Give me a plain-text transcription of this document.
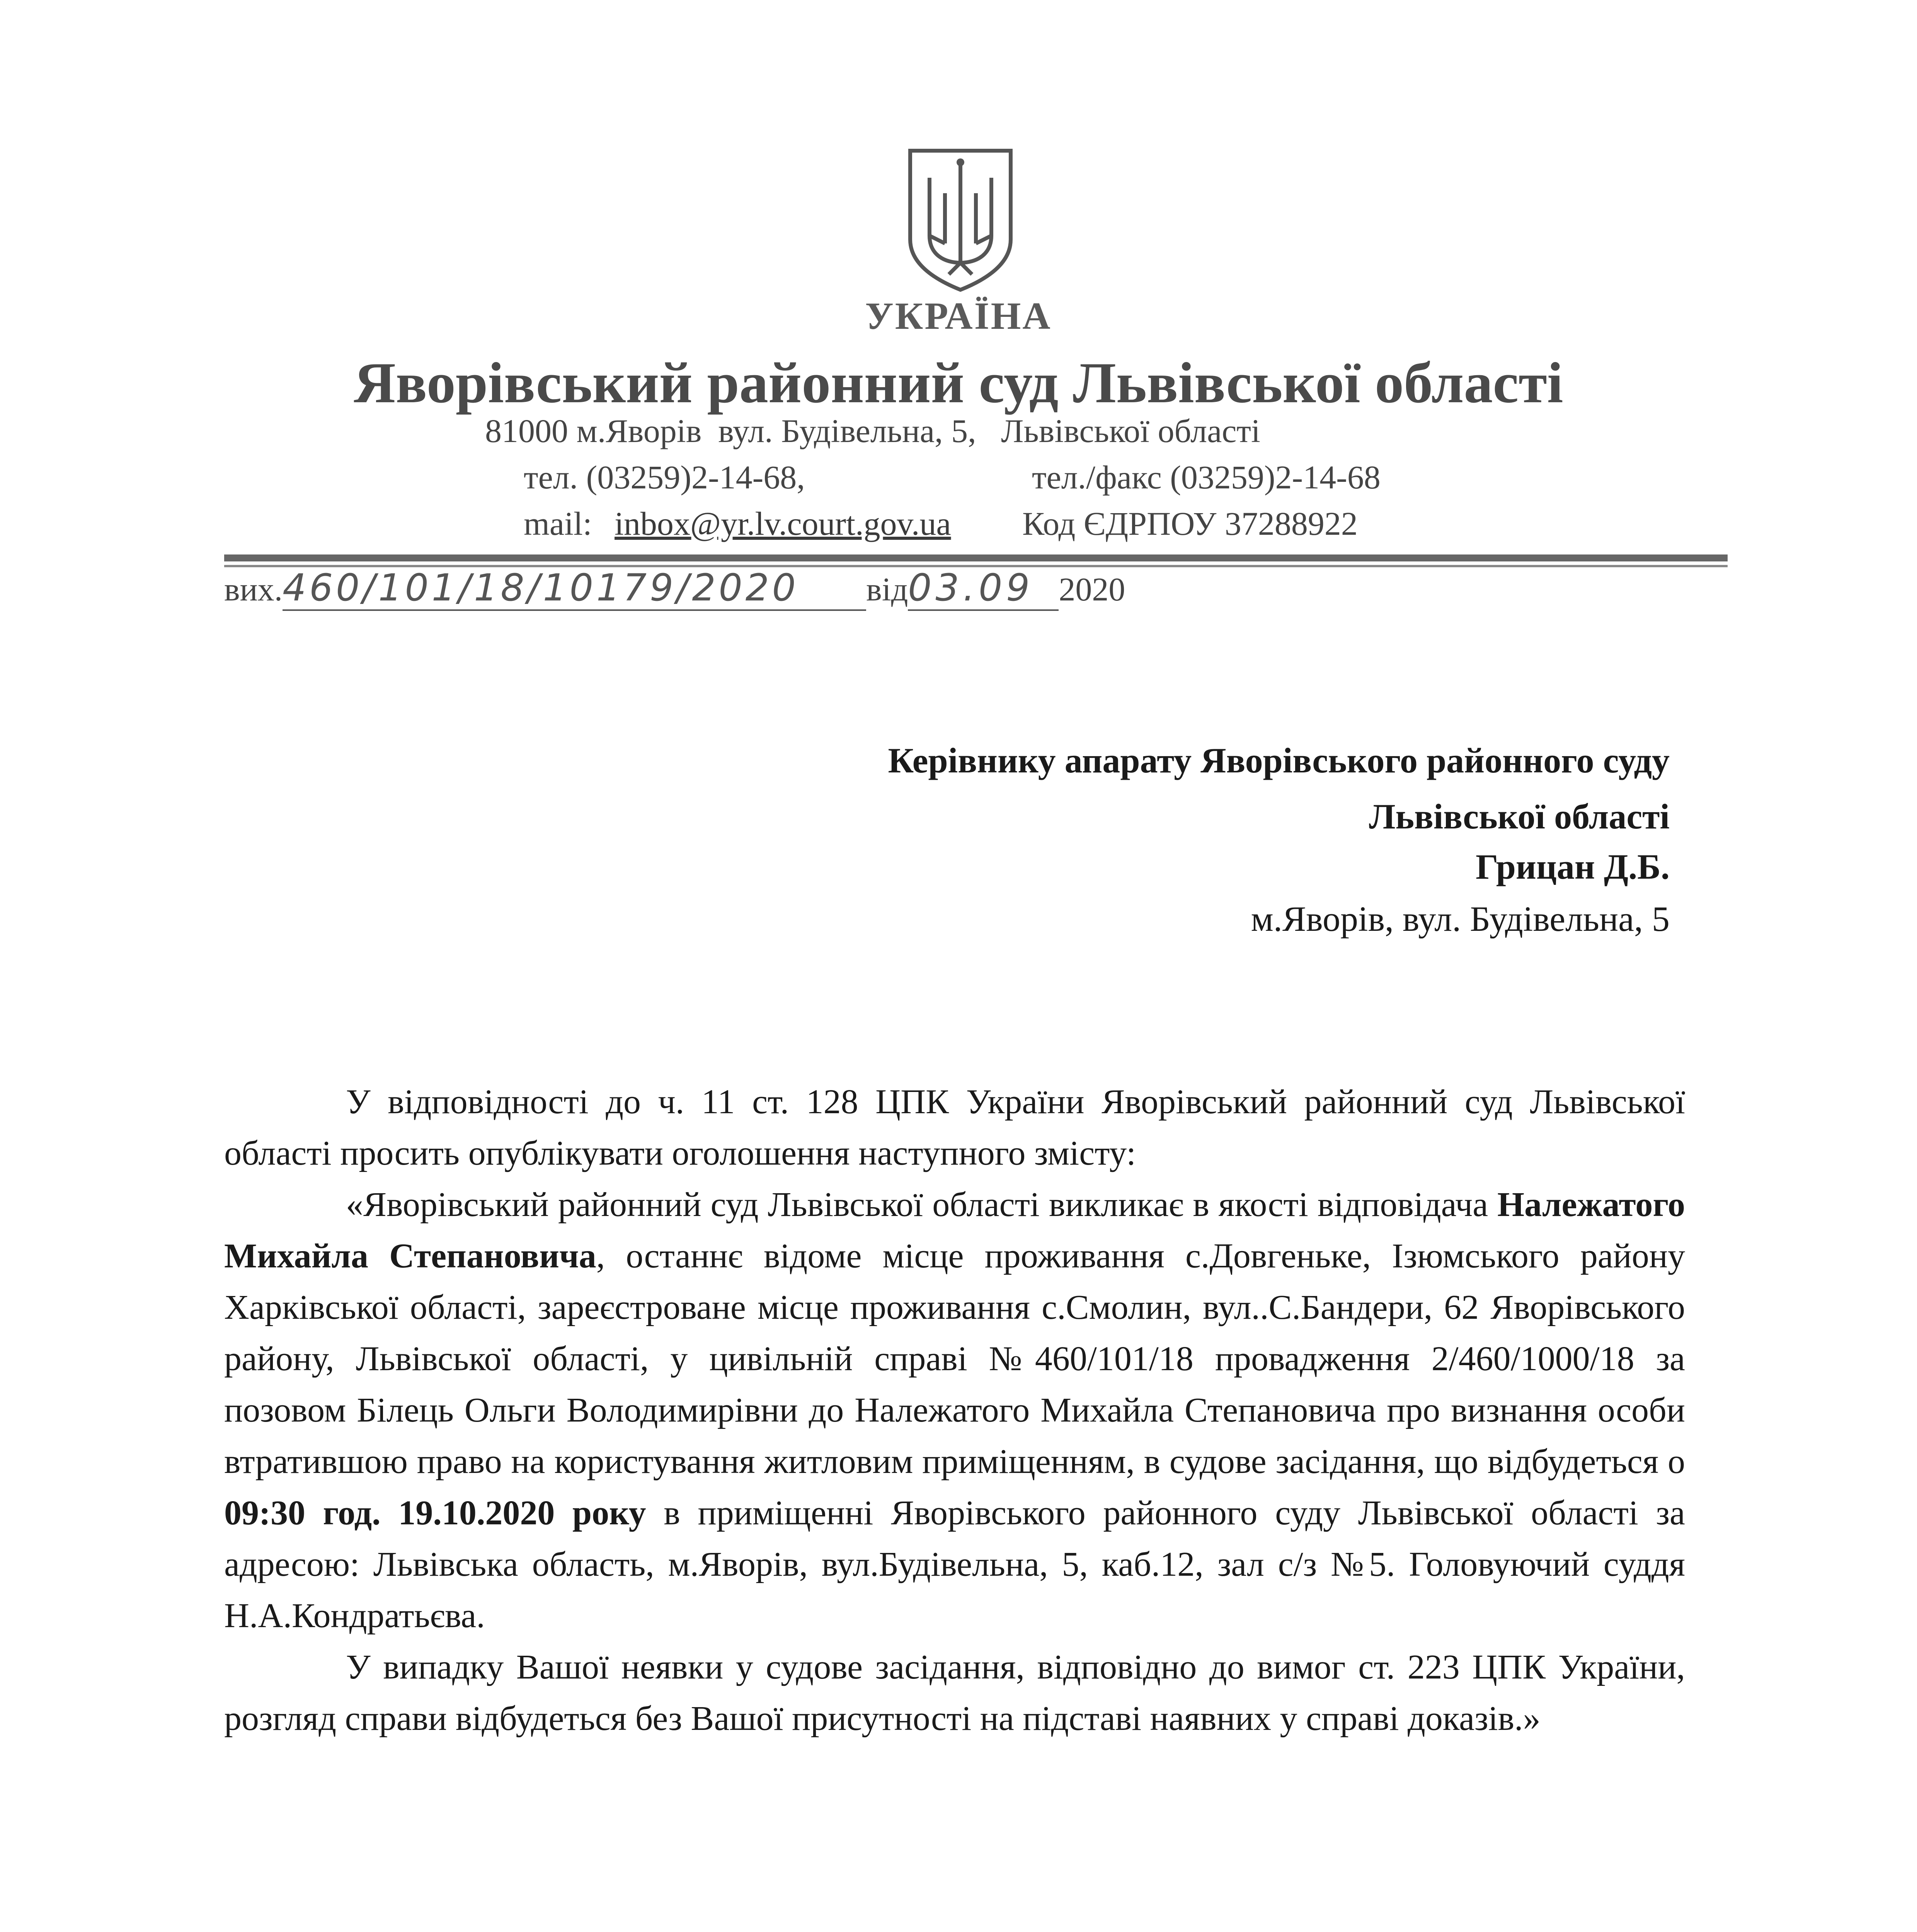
УКРАЇНА
Яворівський районний суд Львівської області
81000 м.Яворів  вул. Будівельна, 5,   Львівської області
тел. (03259)2-14-68,	тел./факс (03259)2-14-68
mail: inbox@yr.lv.court.gov.ua Код ЄДРПОУ 37288922
вих.460/101/18/10179/2020 від03.09 2020
Керівнику апарату Яворівського районного суду
Львівської області
Грицан Д.Б.
м.Яворів, вул. Будівельна, 5

У відповідності до ч. 11 ст. 128 ЦПК України Яворівський районний суд Львівської області просить опублікувати оголошення наступного змісту:

«Яворівський районний суд Львівської області викликає в якості відповідача Належатого Михайла Степановича, останнє відоме місце проживання с.Довгеньке, Ізюмського району Харківської області, зареєстроване місце проживання с.Смолин, вул..С.Бандери, 62 Яворівського району, Львівської області, у цивільній справі №460/101/18 провадження 2/460/1000/18 за позовом Білець Ольги Володимирівни до Належатого Михайла Степановича про визнання особи втратившою право на користування житловим приміщенням, в судове засідання, що відбудеться о 09:30 год. 19.10.2020 року в приміщенні Яворівського районного суду Львівської області за адресою: Львівська область, м.Яворів, вул.Будівельна, 5, каб.12, зал с/з №5. Головуючий суддя Н.А.Кондратьєва.

У випадку Вашої неявки у судове засідання, відповідно до вимог ст. 223 ЦПК України, розгляд справи відбудеться без Вашої присутності на підставі наявних у справі доказів.»
